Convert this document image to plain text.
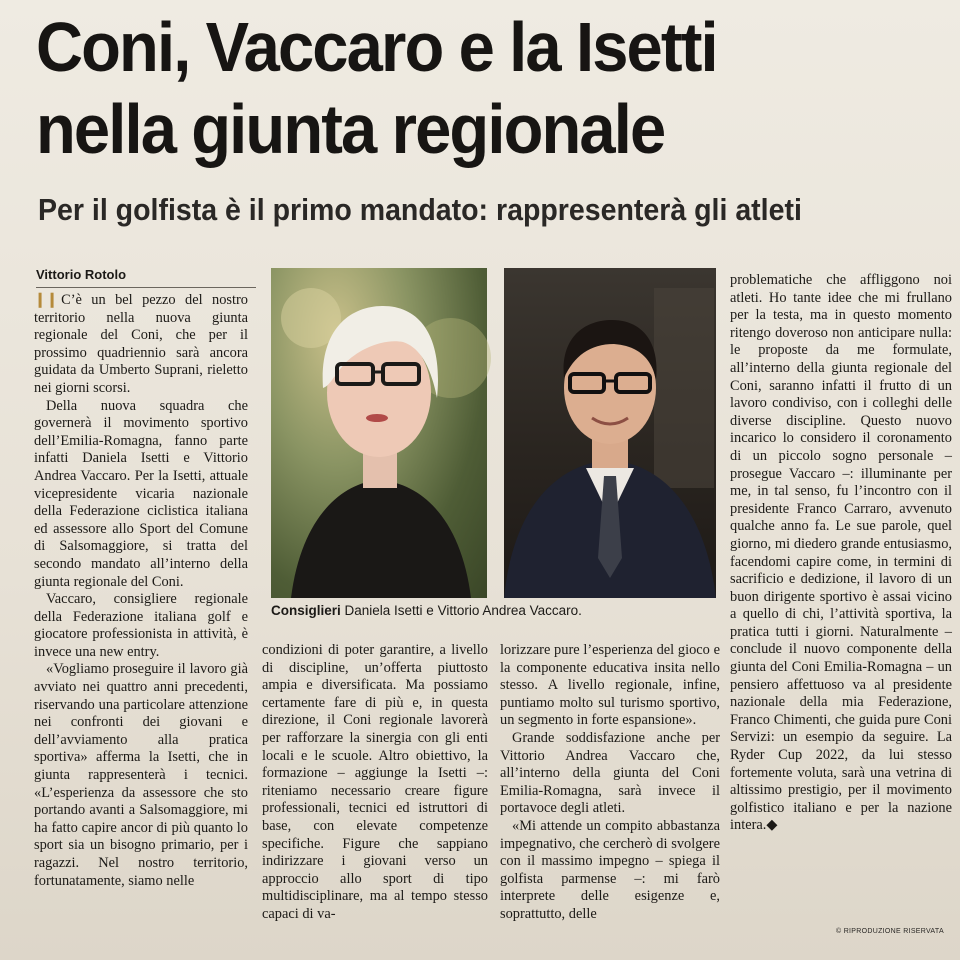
Coni, Vaccaro e la Isetti
nella giunta regionale
Per il golfista è il primo mandato: rappresenterà gli atleti

Vittorio Rotolo

❙❙ C’è un bel pezzo del nostro territorio nella nuova giunta regionale del Coni, che per il prossimo quadriennio sarà ancora guidata da Umberto Suprani, rieletto nei giorni scorsi.

Della nuova squadra che governerà il movimento sportivo dell’Emilia-Romagna, fanno parte infatti Daniela Isetti e Vittorio Andrea Vaccaro. Per la Isetti, attuale vicepresidente vicaria nazionale della Federazione ciclistica italiana ed assessore allo Sport del Comune di Salsomaggiore, si tratta del secondo mandato all’interno della giunta regionale del Coni.

Vaccaro, consigliere regionale della Federazione italiana golf e giocatore professionista in attività, è invece una new entry.

«Vogliamo proseguire il lavoro già avviato nei quattro anni precedenti, riservando una particolare attenzione nei confronti dei giovani e dell’avviamento alla pratica sportiva» afferma la Isetti, che in giunta rappresenterà i tecnici. «L’esperienza da assessore che sto portando avanti a Salsomaggiore, mi ha fatto capire ancor di più quanto lo sport sia un bisogno primario, per i ragazzi. Nel nostro territorio, fortunatamente, siamo nelle

Consiglieri Daniela Isetti e Vittorio Andrea Vaccaro.

condizioni di poter garantire, a livello di discipline, un’offerta piuttosto ampia e diversificata. Ma possiamo certamente fare di più e, in questa direzione, il Coni regionale lavorerà per rafforzare la sinergia con gli enti locali e le scuole. Altro obiettivo, la formazione – aggiunge la Isetti –: riteniamo necessario creare figure professionali, tecnici ed istruttori di base, con elevate competenze specifiche. Figure che sappiano indirizzare i giovani verso un approccio allo sport di tipo multidisciplinare, ma al tempo stesso capaci di va-

lorizzare pure l’esperienza del gioco e la componente educativa insita nello stesso. A livello regionale, infine, puntiamo molto sul turismo sportivo, un segmento in forte espansione».

Grande soddisfazione anche per Vittorio Andrea Vaccaro che, all’interno della giunta del Coni Emilia-Romagna, sarà invece il portavoce degli atleti.

«Mi attende un compito abbastanza impegnativo, che cercherò di svolgere con il massimo impegno – spiega il golfista parmense –: mi farò interprete delle esigenze e, soprattutto, delle

problematiche che affliggono noi atleti. Ho tante idee che mi frullano per la testa, ma in questo momento ritengo doveroso non anticipare nulla: le proposte da me formulate, all’interno della giunta regionale del Coni, saranno infatti il frutto di un lavoro condiviso, con i colleghi delle diverse discipline. Questo nuovo incarico lo considero il coronamento di un piccolo sogno personale – prosegue Vaccaro –: illuminante per me, in tal senso, fu l’incontro con il presidente Franco Carraro, avvenuto qualche anno fa. Le sue parole, quel giorno, mi diedero grande entusiasmo, facendomi capire come, in termini di sacrificio e dedizione, il lavoro di un buon dirigente sportivo è assai vicino a quello di chi, l’attività sportiva, la pratica tutti i giorni. Naturalmente – conclude il nuovo componente della giunta del Coni Emilia-Romagna – un pensiero affettuoso va al presidente nazionale della mia Federazione, Franco Chimenti, che guida pure Coni Servizi: un esempio da seguire. La Ryder Cup 2022, da lui stesso fortemente voluta, sarà una vetrina di altissimo prestigio, per il movimento golfistico italiano e per la nazione intera.◆

© RIPRODUZIONE RISERVATA
